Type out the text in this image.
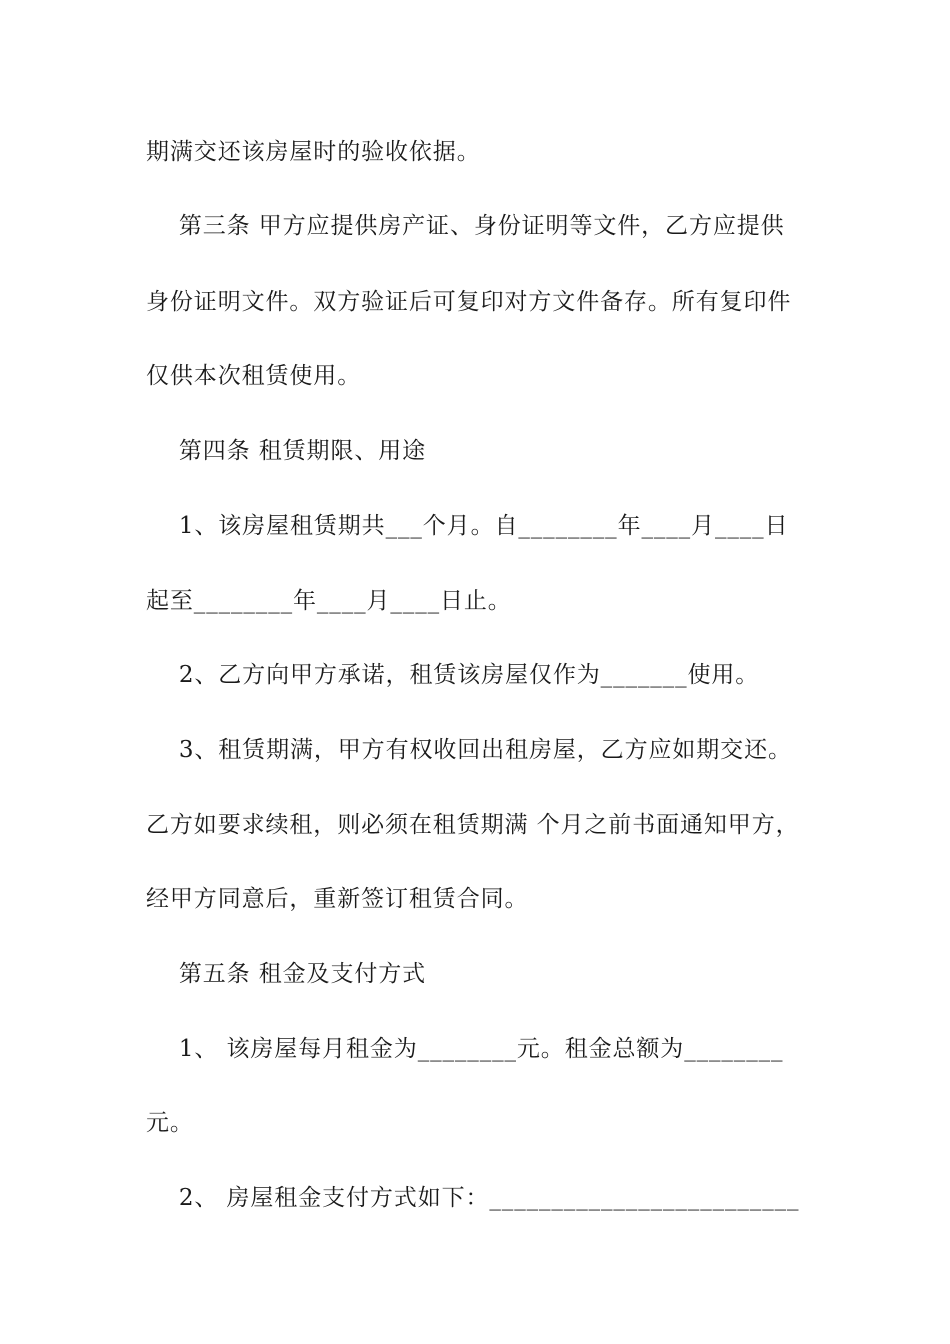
期满交还该房屋时的验收依据。
第三条 甲方应提供房产证、身份证明等文件，乙方应提供
身份证明文件。双方验证后可复印对方文件备存。所有复印件
仅供本次租赁使用。
第四条 租赁期限、用途
1、该房屋租赁期共___个月。自________年____月____日
起至________年____月____日止。
2、乙方向甲方承诺，租赁该房屋仅作为_______使用。
3、租赁期满，甲方有权收回出租房屋，乙方应如期交还。
乙方如要求续租，则必须在租赁期满 个月之前书面通知甲方，
经甲方同意后，重新签订租赁合同。
第五条 租金及支付方式
1、 该房屋每月租金为________元。租金总额为________
元。
2、 房屋租金支付方式如下：_________________________
